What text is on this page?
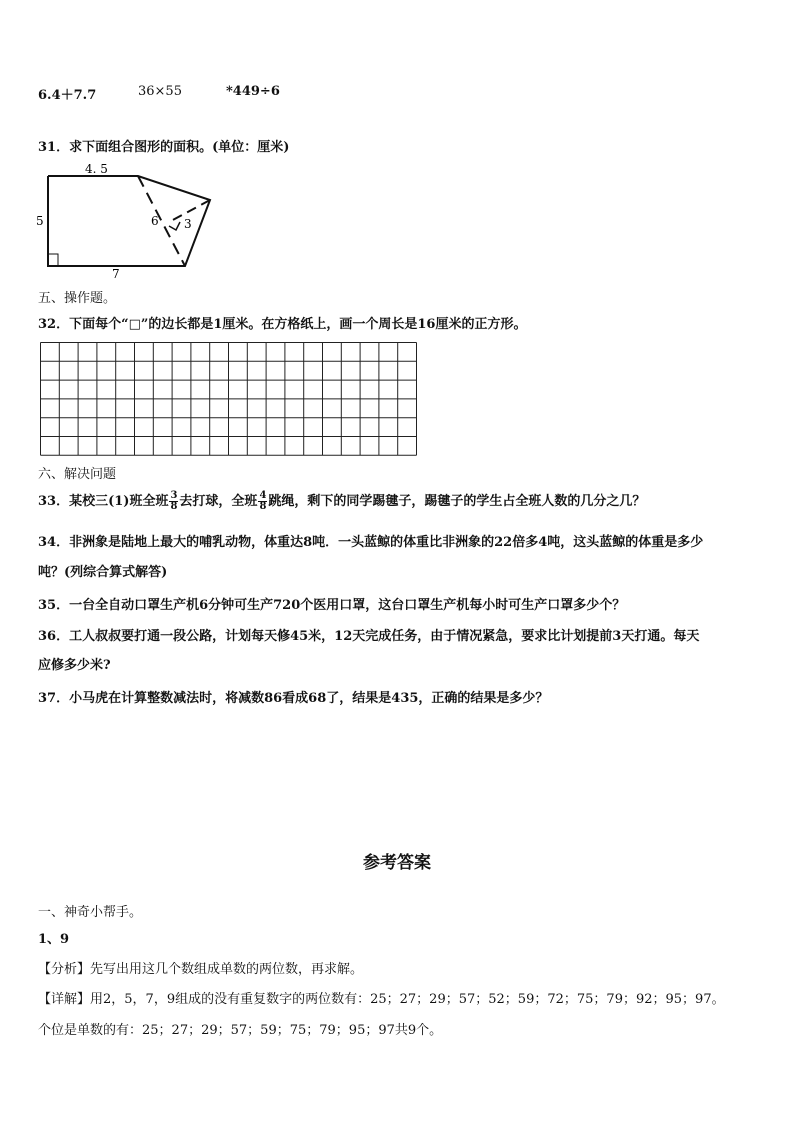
6.4＋7.7	36×55	*449÷6
31．求下面组合图形的面积。(单位：厘米)
4. 5
5
7
6 3
五、操作题。
32．下面每个“□”的边长都是1厘米。在方格纸上，画一个周长是16厘米的正方形。
六、解决问题
33．某校三(1)班全班 $\frac{3}{8}$ 去打球，全班 $\frac{4}{8}$ 跳绳，剩下的同学踢毽子，踢毽子的学生占全班人数的几分之几？
34．非洲象是陆地上最大的哺乳动物，体重达8吨．一头蓝鲸的体重比非洲象的22倍多4吨，这头蓝鲸的体重是多少
吨？(列综合算式解答)
35．一台全自动口罩生产机6分钟可生产720个医用口罩，这台口罩生产机每小时可生产口罩多少个？
36．工人叔叔要打通一段公路，计划每天修45米，12天完成任务，由于情况紧急，要求比计划提前3天打通。每天
应修多少米?
37．小马虎在计算整数减法时，将减数86看成68了，结果是435，正确的结果是多少？
参考答案
一、神奇小帮手。
1、9
【分析】先写出用这几个数组成单数的两位数，再求解。
【详解】用2，5，7，9组成的没有重复数字的两位数有：25；27；29；57；52；59；72；75；79；92；95；97。
个位是单数的有：25；27；29；57；59；75；79；95；97共9个。
